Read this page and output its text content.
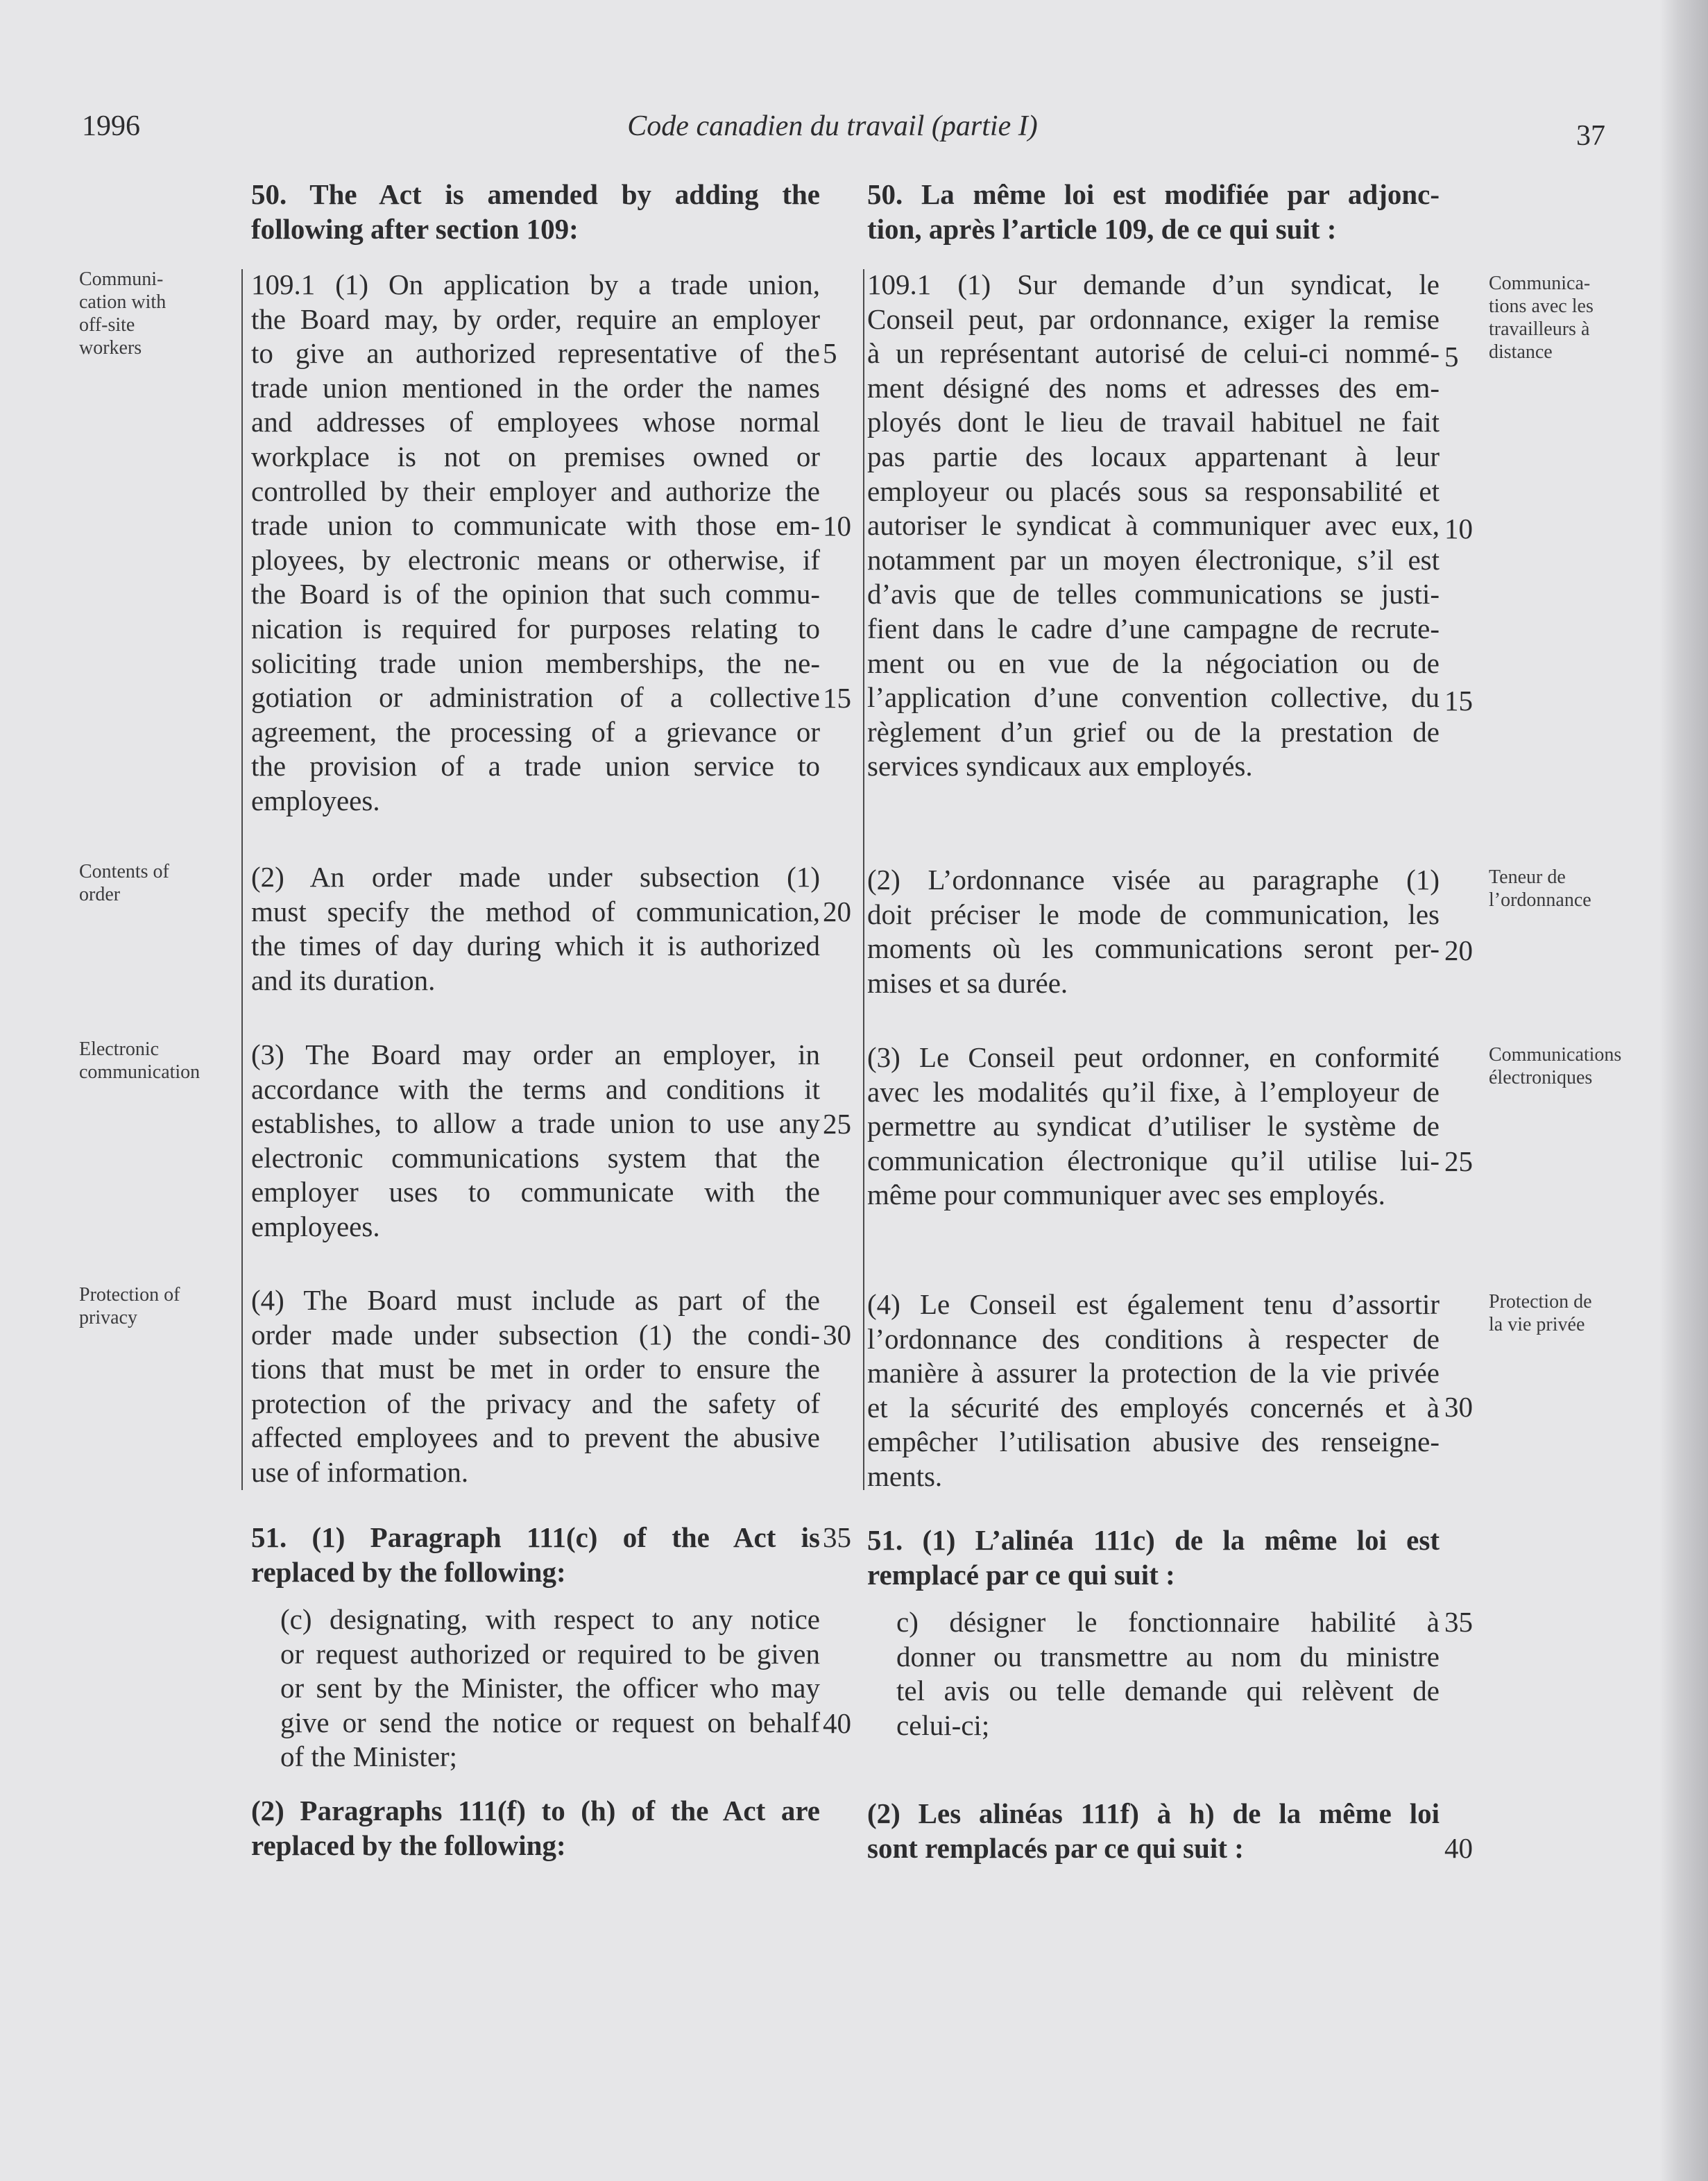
1996	Code canadien du travail (partie I)	37

50. The Act is amended by adding the
following after section 109:

109.1 (1) On application by a trade union,
the Board may, by order, require an employer
to give an authorized representative of the
trade union mentioned in the order the names
and addresses of employees whose normal
workplace is not on premises owned or
controlled by their employer and authorize the
trade union to communicate with those em-
ployees, by electronic means or otherwise, if
the Board is of the opinion that such commu-
nication is required for purposes relating to
soliciting trade union memberships, the ne-
gotiation or administration of a collective
agreement, the processing of a grievance or
the provision of a trade union service to
employees.

(2) An order made under subsection (1)
must specify the method of communication,
the times of day during which it is authorized
and its duration.

(3) The Board may order an employer, in
accordance with the terms and conditions it
establishes, to allow a trade union to use any
electronic communications system that the
employer uses to communicate with the
employees.

(4) The Board must include as part of the
order made under subsection (1) the condi-
tions that must be met in order to ensure the
protection of the privacy and the safety of
affected employees and to prevent the abusive
use of information.

51. (1) Paragraph 111(c) of the Act is
replaced by the following:

(c) designating, with respect to any notice
or request authorized or required to be given
or sent by the Minister, the officer who may
give or send the notice or request on behalf
of the Minister;

(2) Paragraphs 111(f) to (h) of the Act are
replaced by the following:

5
10
15
20
25
30
35
40

50. La même loi est modifiée par adjonc-
tion, après l’article 109, de ce qui suit :

109.1 (1) Sur demande d’un syndicat, le
Conseil peut, par ordonnance, exiger la remise
à un représentant autorisé de celui-ci nommé-
ment désigné des noms et adresses des em-
ployés dont le lieu de travail habituel ne fait
pas partie des locaux appartenant à leur
employeur ou placés sous sa responsabilité et
autoriser le syndicat à communiquer avec eux,
notamment par un moyen électronique, s’il est
d’avis que de telles communications se justi-
fient dans le cadre d’une campagne de recrute-
ment ou en vue de la négociation ou de
l’application d’une convention collective, du
règlement d’un grief ou de la prestation de
services syndicaux aux employés.

(2) L’ordonnance visée au paragraphe (1)
doit préciser le mode de communication, les
moments où les communications seront per-
mises et sa durée.

(3) Le Conseil peut ordonner, en conformité
avec les modalités qu’il fixe, à l’employeur de
permettre au syndicat d’utiliser le système de
communication électronique qu’il utilise lui-
même pour communiquer avec ses employés.

(4) Le Conseil est également tenu d’assortir
l’ordonnance des conditions à respecter de
manière à assurer la protection de la vie privée
et la sécurité des employés concernés et à
empêcher l’utilisation abusive des renseigne-
ments.

51. (1) L’alinéa 111c) de la même loi est
remplacé par ce qui suit :

c) désigner le fonctionnaire habilité à
donner ou transmettre au nom du ministre
tel avis ou telle demande qui relèvent de
celui-ci;

(2) Les alinéas 111f) à h) de la même loi
sont remplacés par ce qui suit :

5
10
15
20
25
30
35
40
Communi-
cation with
off-site
workers
Contents of
order
Electronic
communication
Protection of
privacy
Communica-
tions avec les
travailleurs à
distance
Teneur de
l’ordonnance
Communications
électroniques
Protection de
la vie privée
